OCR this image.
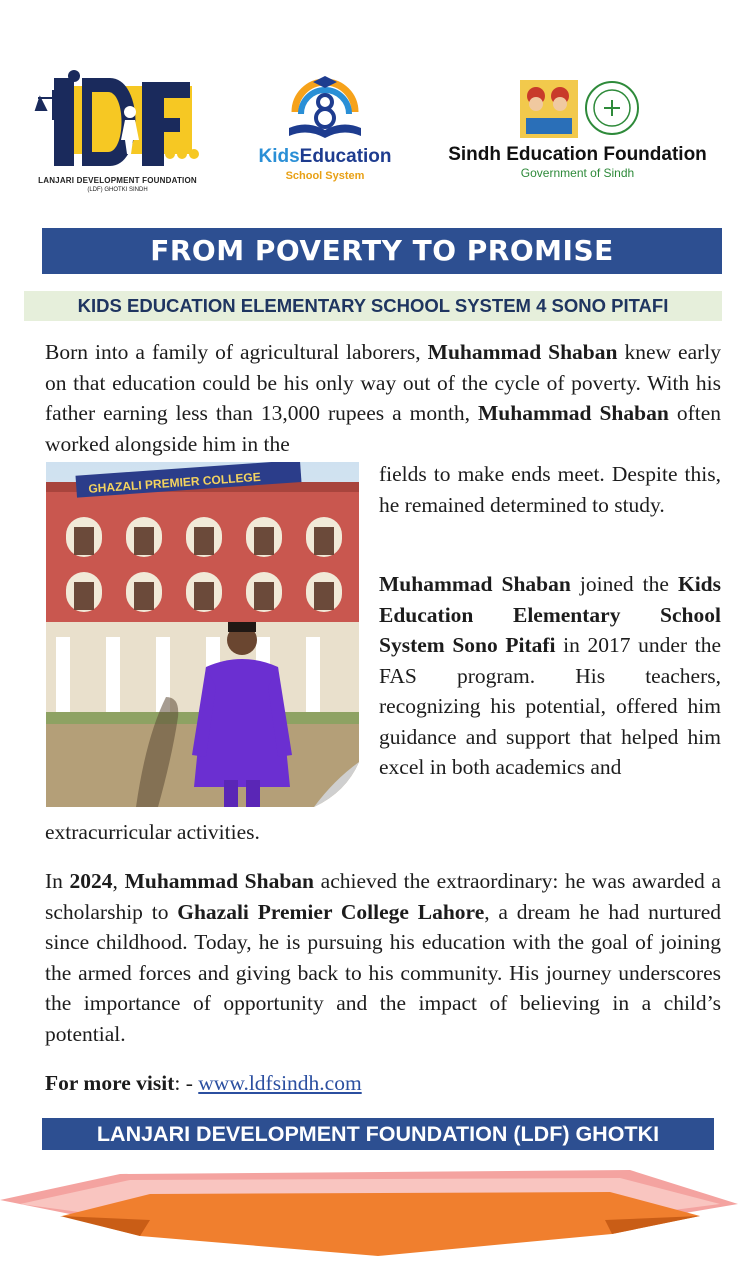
LANJARI DEVELOPMENT FOUNDATION
(LDF) GHOTKI SINDH
KidsEducation
School System
Sindh Education Foundation
Government of Sindh
FROM POVERTY TO PROMISE
KIDS EDUCATION ELEMENTARY SCHOOL SYSTEM 4 SONO PITAFI

Born into a family of agricultural laborers, Muhammad Shaban knew early on that education could be his only way out of the cycle of poverty. With his father earning less than 13,000 rupees a month, Muhammad Shaban often worked alongside him in the

fields to make ends meet. Despite this, he remained determined to study.

Muhammad Shaban joined the Kids Education Elementary School System Sono Pitafi in 2017 under the FAS program. His teachers, recognizing his potential, offered him guidance and support that helped him excel in both academics and

extracurricular activities.

In 2024, Muhammad Shaban achieved the extraordinary: he was awarded a scholarship to Ghazali Premier College Lahore, a dream he had nurtured since childhood. Today, he is pursuing his education with the goal of joining the armed forces and giving back to his community. His journey underscores the importance of opportunity and the impact of believing in a child’s potential.

For more visit: - www.ldfsindh.com
GHAZALI PREMIER COLLEGE
LANJARI DEVELOPMENT FOUNDATION (LDF) GHOTKI
